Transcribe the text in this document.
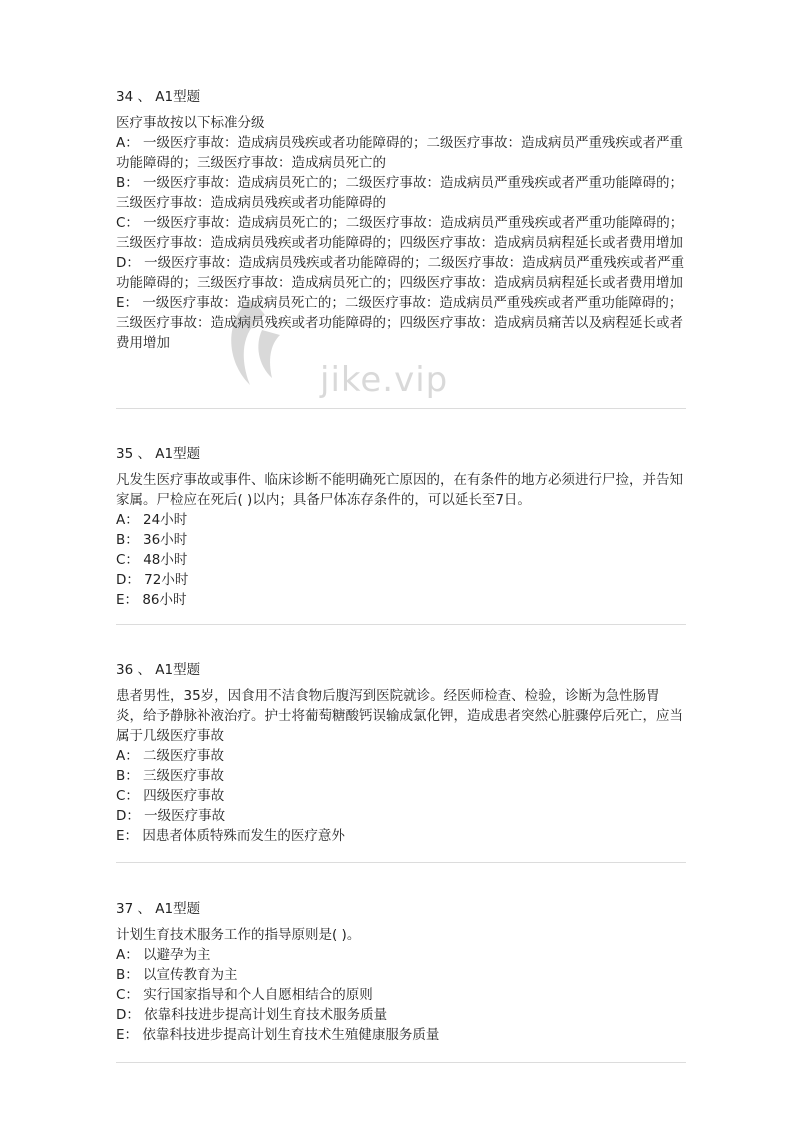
34 、 A1型题

医疗事故按以下标准分级

A： 一级医疗事故：造成病员残疾或者功能障碍的；二级医疗事故：造成病员严重残疾或者严重功能障碍的；三级医疗事故：造成病员死亡的

B： 一级医疗事故：造成病员死亡的；二级医疗事故：造成病员严重残疾或者严重功能障碍的；三级医疗事故：造成病员残疾或者功能障碍的

C： 一级医疗事故：造成病员死亡的；二级医疗事故：造成病员严重残疾或者严重功能障碍的；三级医疗事故：造成病员残疾或者功能障碍的；四级医疗事故：造成病员病程延长或者费用增加

D： 一级医疗事故：造成病员残疾或者功能障碍的；二级医疗事故：造成病员严重残疾或者严重功能障碍的；三级医疗事故：造成病员死亡的；四级医疗事故：造成病员病程延长或者费用增加

E： 一级医疗事故：造成病员死亡的；二级医疗事故：造成病员严重残疾或者严重功能障碍的；三级医疗事故：造成病员残疾或者功能障碍的；四级医疗事故：造成病员痛苦以及病程延长或者费用增加

35 、 A1型题

凡发生医疗事故或事件、临床诊断不能明确死亡原因的，在有条件的地方必须进行尸捡，并告知家属。尸检应在死后( )以内；具备尸体冻存条件的，可以延长至7日。

A： 24小时

B： 36小时

C： 48小时

D： 72小时

E： 86小时

36 、 A1型题

患者男性，35岁，因食用不洁食物后腹泻到医院就诊。经医师检查、检验，诊断为急性肠胃炎，给予静脉补液治疗。护士将葡萄糖酸钙误输成氯化钾，造成患者突然心脏骤停后死亡，应当属于几级医疗事故

A： 二级医疗事故

B： 三级医疗事故

C： 四级医疗事故

D： 一级医疗事故

E： 因患者体质特殊而发生的医疗意外

37 、 A1型题

计划生育技术服务工作的指导原则是( )。

A： 以避孕为主

B： 以宣传教育为主

C： 实行国家指导和个人自愿相结合的原则

D： 依靠科技进步提高计划生育技术服务质量

E： 依靠科技进步提高计划生育技术生殖健康服务质量

jike.vip
